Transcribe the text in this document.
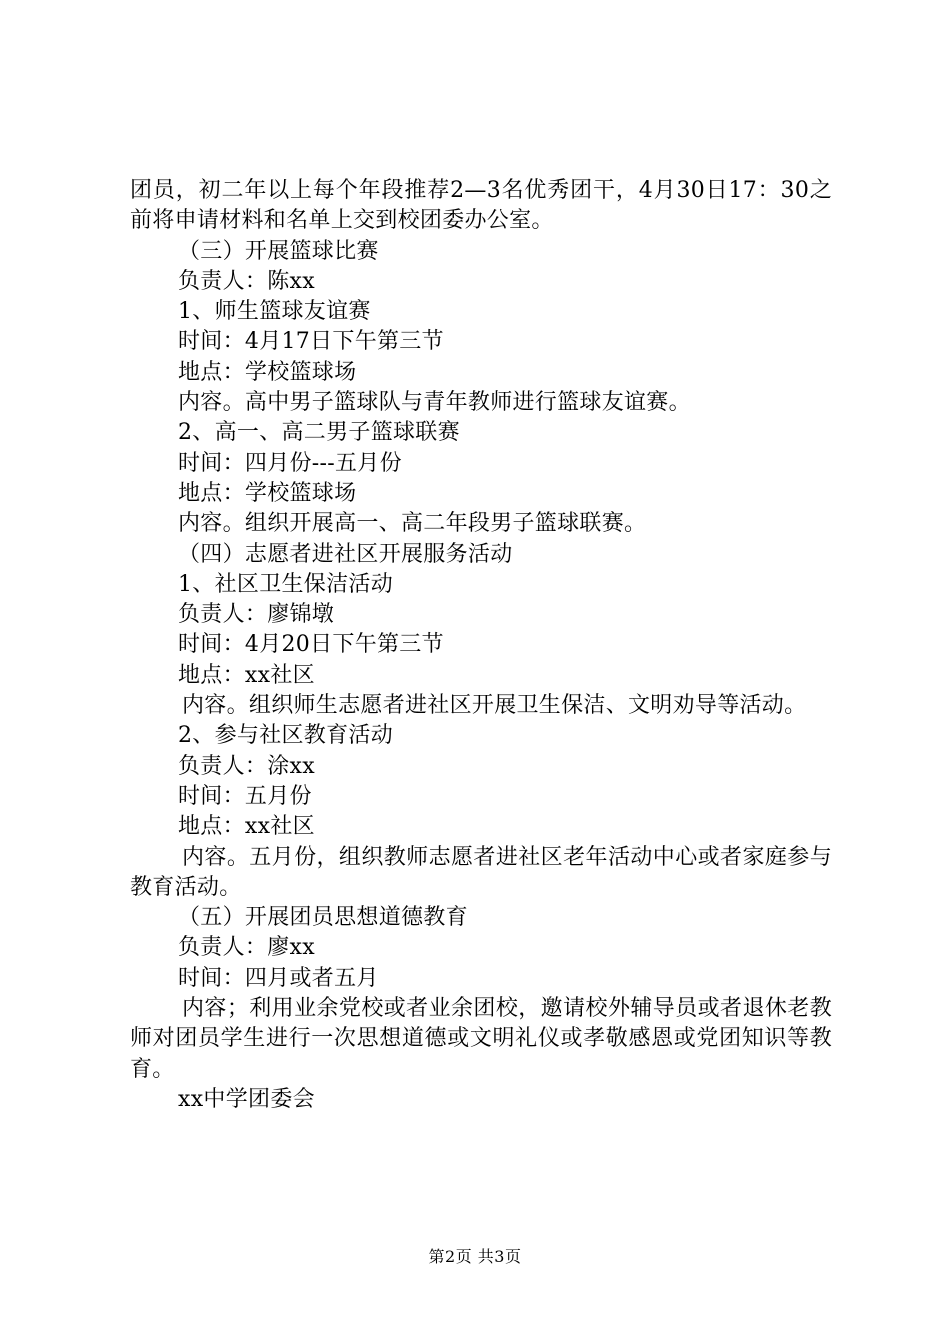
团员，初二年以上每个年段推荐2—3名优秀团干，4月30日17：30之前将申请材料和名单上交到校团委办公室。
（三）开展篮球比赛
负责人：陈xx
1、师生篮球友谊赛
时间：4月17日下午第三节
地点：学校篮球场
内容。高中男子篮球队与青年教师进行篮球友谊赛。
2、高一、高二男子篮球联赛
时间：四月份---五月份
地点：学校篮球场
内容。组织开展高一、高二年段男子篮球联赛。
（四）志愿者进社区开展服务活动
1、社区卫生保洁活动
负责人：廖锦墩
时间：4月20日下午第三节
地点：xx社区
内容。组织师生志愿者进社区开展卫生保洁、文明劝导等活动。
2、参与社区教育活动
负责人：涂xx
时间：五月份
地点：xx社区
内容。五月份，组织教师志愿者进社区老年活动中心或者家庭参与教育活动。
（五）开展团员思想道德教育
负责人：廖xx
时间：四月或者五月
内容；利用业余党校或者业余团校，邀请校外辅导员或者退休老教师对团员学生进行一次思想道德或文明礼仪或孝敬感恩或党团知识等教育。
xx中学团委会
第2页 共3页
